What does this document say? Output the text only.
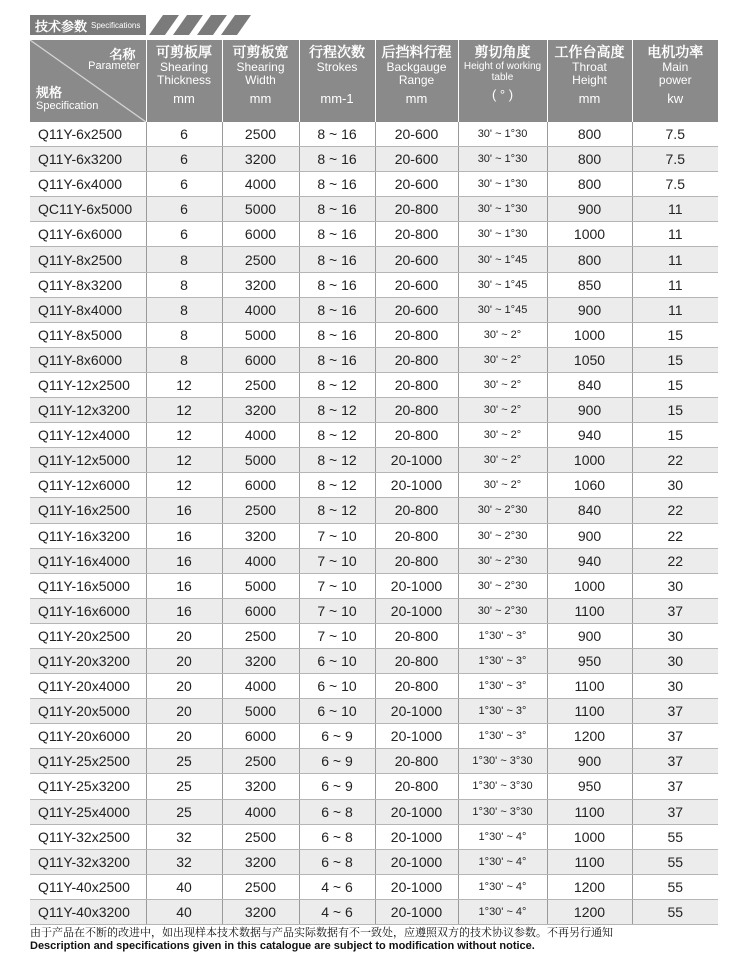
技术参数 Specifications
名称
Parameter
规格
Specification	可剪板厚
Shearing
Thickness
mm	可剪板宽
Shearing
Width
mm	行程次数
Strokes

mm-1	后挡料行程
Backgauge
Range
mm	剪切角度
Height of working
table
( ° )	工作台高度
Throat
Height
mm	电机功率
Main
power
kw

Q11Y-6x2500	6	2500	8 ~ 16	20-600	30' ~ 1°30	800	7.5
Q11Y-6x3200	6	3200	8 ~ 16	20-600	30' ~ 1°30	800	7.5
Q11Y-6x4000	6	4000	8 ~ 16	20-600	30' ~ 1°30	800	7.5
QC11Y-6x5000	6	5000	8 ~ 16	20-800	30' ~ 1°30	900	11
Q11Y-6x6000	6	6000	8 ~ 16	20-800	30' ~ 1°30	1000	11
Q11Y-8x2500	8	2500	8 ~ 16	20-600	30' ~ 1°45	800	11
Q11Y-8x3200	8	3200	8 ~ 16	20-600	30' ~ 1°45	850	11
Q11Y-8x4000	8	4000	8 ~ 16	20-600	30' ~ 1°45	900	11
Q11Y-8x5000	8	5000	8 ~ 16	20-800	30' ~ 2°	1000	15
Q11Y-8x6000	8	6000	8 ~ 16	20-800	30' ~ 2°	1050	15
Q11Y-12x2500	12	2500	8 ~ 12	20-800	30' ~ 2°	840	15
Q11Y-12x3200	12	3200	8 ~ 12	20-800	30' ~ 2°	900	15
Q11Y-12x4000	12	4000	8 ~ 12	20-800	30' ~ 2°	940	15
Q11Y-12x5000	12	5000	8 ~ 12	20-1000	30' ~ 2°	1000	22
Q11Y-12x6000	12	6000	8 ~ 12	20-1000	30' ~ 2°	1060	30
Q11Y-16x2500	16	2500	8 ~ 12	20-800	30' ~ 2°30	840	22
Q11Y-16x3200	16	3200	7 ~ 10	20-800	30' ~ 2°30	900	22
Q11Y-16x4000	16	4000	7 ~ 10	20-800	30' ~ 2°30	940	22
Q11Y-16x5000	16	5000	7 ~ 10	20-1000	30' ~ 2°30	1000	30
Q11Y-16x6000	16	6000	7 ~ 10	20-1000	30' ~ 2°30	1100	37
Q11Y-20x2500	20	2500	7 ~ 10	20-800	1°30' ~ 3°	900	30
Q11Y-20x3200	20	3200	6 ~ 10	20-800	1°30' ~ 3°	950	30
Q11Y-20x4000	20	4000	6 ~ 10	20-800	1°30' ~ 3°	1100	30
Q11Y-20x5000	20	5000	6 ~ 10	20-1000	1°30' ~ 3°	1100	37
Q11Y-20x6000	20	6000	6 ~ 9	20-1000	1°30' ~ 3°	1200	37
Q11Y-25x2500	25	2500	6 ~ 9	20-800	1°30' ~ 3°30	900	37
Q11Y-25x3200	25	3200	6 ~ 9	20-800	1°30' ~ 3°30	950	37
Q11Y-25x4000	25	4000	6 ~ 8	20-1000	1°30' ~ 3°30	1100	37
Q11Y-32x2500	32	2500	6 ~ 8	20-1000	1°30' ~ 4°	1000	55
Q11Y-32x3200	32	3200	6 ~ 8	20-1000	1°30' ~ 4°	1100	55
Q11Y-40x2500	40	2500	4 ~ 6	20-1000	1°30' ~ 4°	1200	55
Q11Y-40x3200	40	3200	4 ~ 6	20-1000	1°30' ~ 4°	1200	55
由于产品在不断的改进中，如出现样本技术数据与产品实际数据有不一致处，应遵照双方的技术协议参数。不再另行通知
Description and specifications given in this catalogue are subject to modification without notice.
